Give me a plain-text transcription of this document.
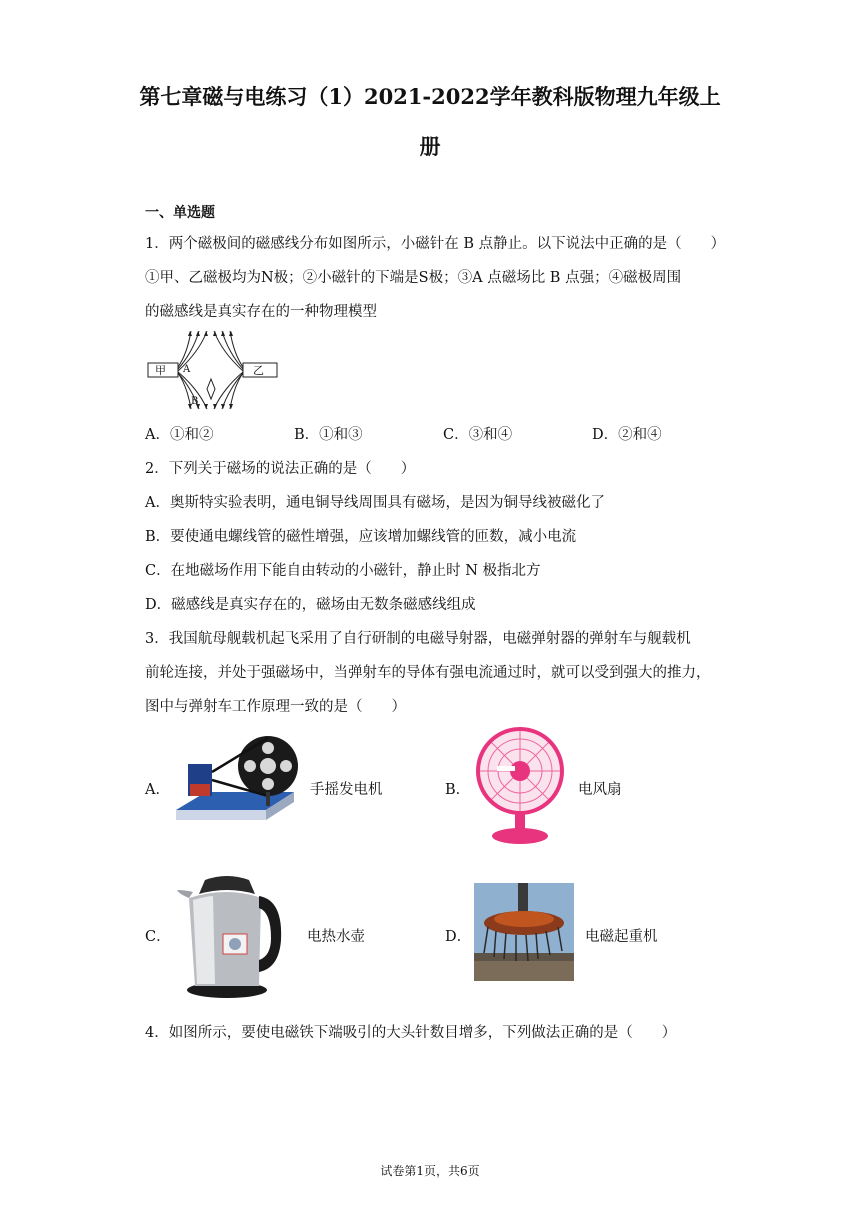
第七章磁与电练习（1）2021-2022学年教科版物理九年级上
册
一、单选题
1．两个磁极间的磁感线分布如图所示，小磁针在 B 点静止。以下说法中正确的是（　　）
①甲、乙磁极均为N极；②小磁针的下端是S极；③A 点磁场比 B 点强；④磁极周围
的磁感线是真实存在的一种物理模型
甲	乙
A
B
A．①和②	B．①和③	C．③和④	D．②和④
2．下列关于磁场的说法正确的是（　　）
A．奥斯特实验表明，通电铜导线周围具有磁场，是因为铜导线被磁化了
B．要使通电螺线管的磁性增强，应该增加螺线管的匝数，减小电流
C．在地磁场作用下能自由转动的小磁针，静止时 N 极指北方
D．磁感线是真实存在的，磁场由无数条磁感线组成
3．我国航母舰载机起飞采用了自行研制的电磁导射器，电磁弹射器的弹射车与舰载机
前轮连接，并处于强磁场中，当弹射车的导体有强电流通过时，就可以受到强大的推力，
图中与弹射车工作原理一致的是（　　）
A．	手摇发电机	B．	电风扇
C．	电热水壶	D．	电磁起重机
4．如图所示，要使电磁铁下端吸引的大头针数目增多，下列做法正确的是（　　）
试卷第1页，共6页
